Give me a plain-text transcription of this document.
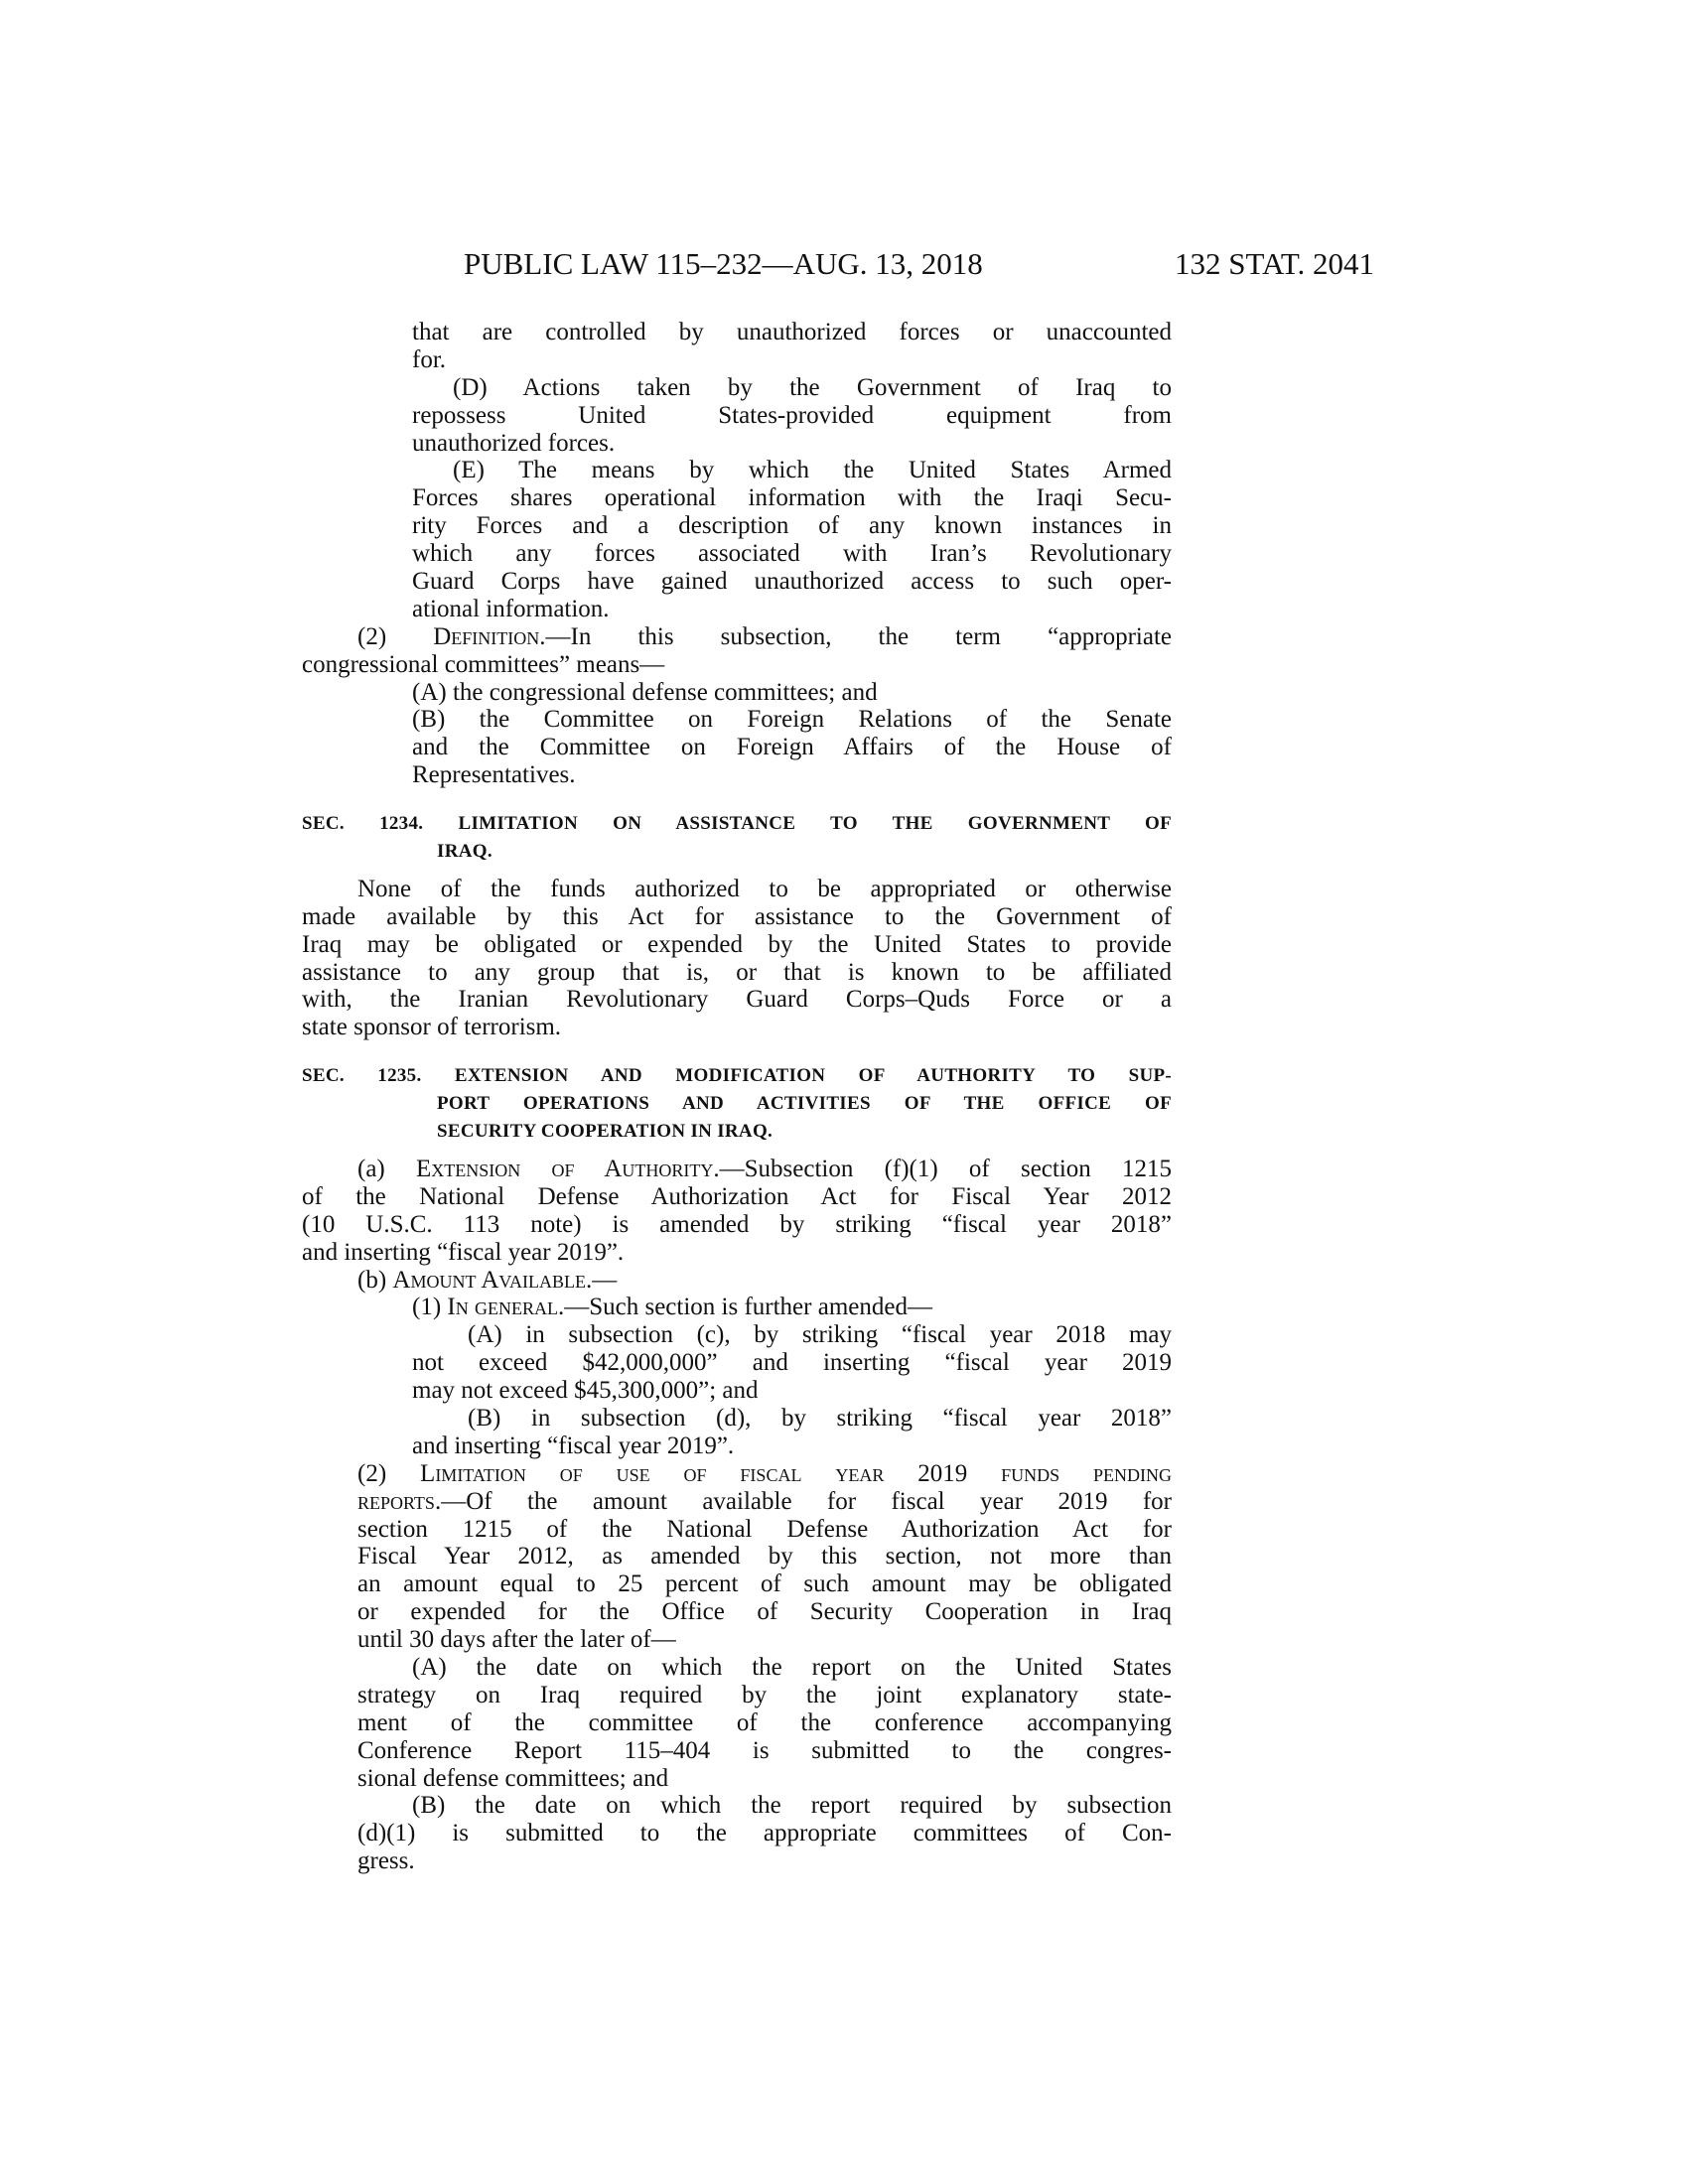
PUBLIC LAW 115–232—AUG. 13, 2018	132 STAT. 2041
that are controlled by unauthorized forces or unaccounted
for.
(D) Actions taken by the Government of Iraq to
repossess United States-provided equipment from
unauthorized forces.
(E) The means by which the United States Armed
Forces shares operational information with the Iraqi Secu-
rity Forces and a description of any known instances in
which any forces associated with Iran’s Revolutionary
Guard Corps have gained unauthorized access to such oper-
ational information.
(2) Definition.—In this subsection, the term “appropriate
congressional committees” means—
(A) the congressional defense committees; and
(B) the Committee on Foreign Relations of the Senate
and the Committee on Foreign Affairs of the House of
Representatives.
SEC. 1234. LIMITATION ON ASSISTANCE TO THE GOVERNMENT OF
IRAQ.
None of the funds authorized to be appropriated or otherwise
made available by this Act for assistance to the Government of
Iraq may be obligated or expended by the United States to provide
assistance to any group that is, or that is known to be affiliated
with, the Iranian Revolutionary Guard Corps–Quds Force or a
state sponsor of terrorism.
SEC. 1235. EXTENSION AND MODIFICATION OF AUTHORITY TO SUP-
PORT OPERATIONS AND ACTIVITIES OF THE OFFICE OF
SECURITY COOPERATION IN IRAQ.
(a) Extension of Authority.—Subsection (f)(1) of section 1215
of the National Defense Authorization Act for Fiscal Year 2012
(10 U.S.C. 113 note) is amended by striking “fiscal year 2018”
and inserting “fiscal year 2019”.
(b) Amount Available.—
(1) In general.—Such section is further amended—
(A) in subsection (c), by striking “fiscal year 2018 may
not exceed $42,000,000” and inserting “fiscal year 2019
may not exceed $45,300,000”; and
(B) in subsection (d), by striking “fiscal year 2018”
and inserting “fiscal year 2019”.
(2) Limitation of use of fiscal year 2019 funds pending
reports.—Of the amount available for fiscal year 2019 for
section 1215 of the National Defense Authorization Act for
Fiscal Year 2012, as amended by this section, not more than
an amount equal to 25 percent of such amount may be obligated
or expended for the Office of Security Cooperation in Iraq
until 30 days after the later of—
(A) the date on which the report on the United States
strategy on Iraq required by the joint explanatory state-
ment of the committee of the conference accompanying
Conference Report 115–404 is submitted to the congres-
sional defense committees; and
(B) the date on which the report required by subsection
(d)(1) is submitted to the appropriate committees of Con-
gress.
